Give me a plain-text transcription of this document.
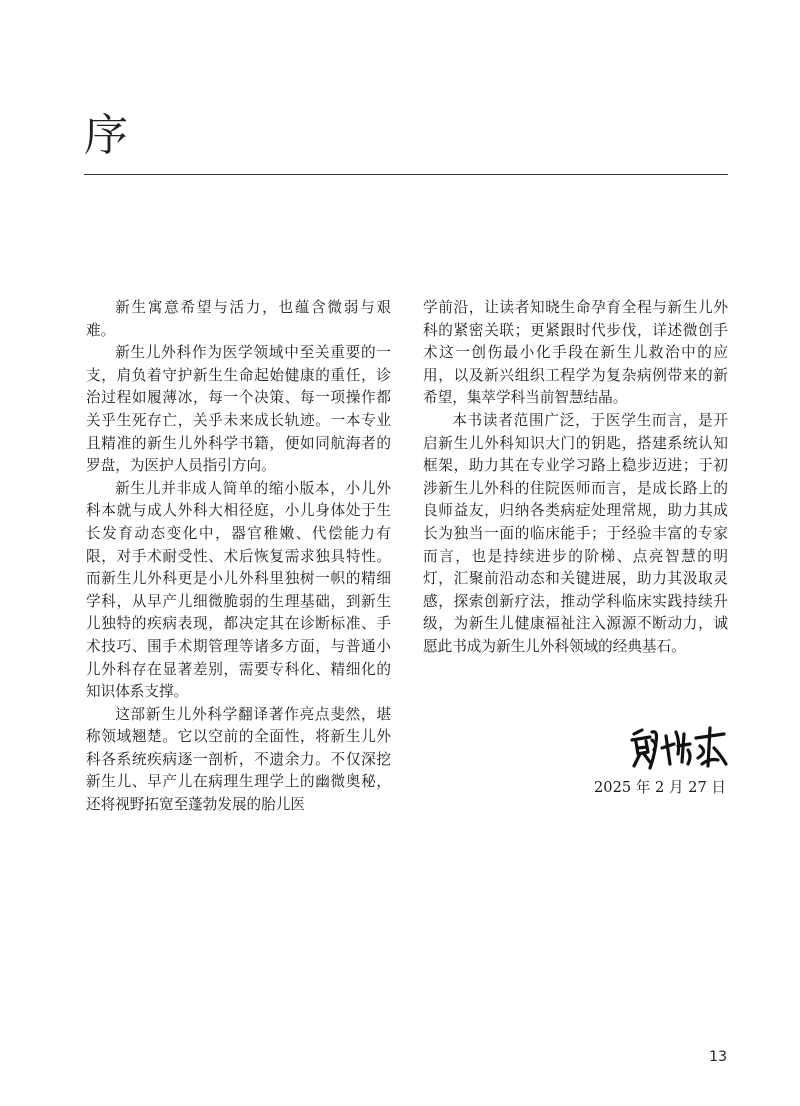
序

新生寓意希望与活力，也蕴含微弱与艰难。

新生儿外科作为医学领域中至关重要的一支，肩负着守护新生生命起始健康的重任，诊治过程如履薄冰，每一个决策、每一项操作都关乎生死存亡，关乎未来成长轨迹。一本专业且精准的新生儿外科学书籍，便如同航海者的罗盘，为医护人员指引方向。

新生儿并非成人简单的缩小版本，小儿外科本就与成人外科大相径庭，小儿身体处于生长发育动态变化中，器官稚嫩、代偿能力有限，对手术耐受性、术后恢复需求独具特性。而新生儿外科更是小儿外科里独树一帜的精细学科，从早产儿细微脆弱的生理基础，到新生儿独特的疾病表现，都决定其在诊断标准、手术技巧、围手术期管理等诸多方面，与普通小儿外科存在显著差别，需要专科化、精细化的知识体系支撑。

这部新生儿外科学翻译著作亮点斐然，堪称领域翘楚。它以空前的全面性，将新生儿外科各系统疾病逐一剖析，不遗余力。不仅深挖新生儿、早产儿在病理生理学上的幽微奥秘，还将视野拓宽至蓬勃发展的胎儿医

学前沿，让读者知晓生命孕育全程与新生儿外科的紧密关联；更紧跟时代步伐，详述微创手术这一创伤最小化手段在新生儿救治中的应用，以及新兴组织工程学为复杂病例带来的新希望，集萃学科当前智慧结晶。

本书读者范围广泛，于医学生而言，是开启新生儿外科知识大门的钥匙，搭建系统认知框架，助力其在专业学习路上稳步迈进；于初涉新生儿外科的住院医师而言，是成长路上的良师益友，归纳各类病症处理常规，助力其成长为独当一面的临床能手；于经验丰富的专家而言，也是持续进步的阶梯、点亮智慧的明灯，汇聚前沿动态和关键进展，助力其汲取灵感，探索创新疗法，推动学科临床实践持续升级，为新生儿健康福祉注入源源不断动力，诚愿此书成为新生儿外科领域的经典基石。

2025 年 2 月 27 日
13
